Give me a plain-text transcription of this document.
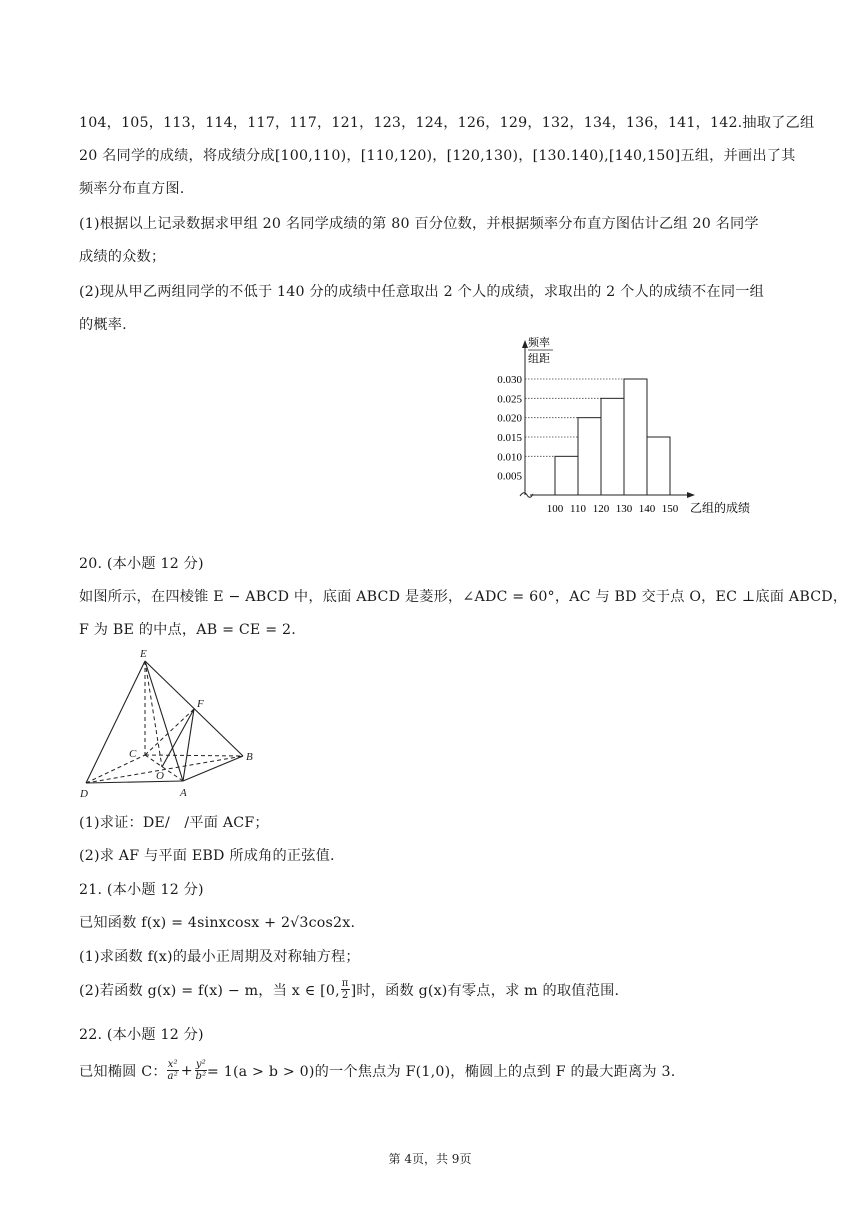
104，105，113，114，117，117，121，123，124，126，129，132，134，136，141，142.抽取了乙组
20 名同学的成绩，将成绩分成[100,110)，[110,120)，[120,130)，[130.140),[140,150]五组，并画出了其
频率分布直方图.
(1)根据以上记录数据求甲组 20 名同学成绩的第 80 百分位数，并根据频率分布直方图估计乙组 20 名同学
成绩的众数；
(2)现从甲乙两组同学的不低于 140 分的成绩中任意取出 2 个人的成绩，求取出的 2 个人的成绩不在同一组
的概率.
频率
组距
乙组的成绩
0.030
0.025
0.020
0.015
0.010
0.005
100 110 120 130 140 150
20. (本小题 12 分)
如图所示，在四棱锥 E − ABCD 中，底面 ABCD 是菱形，∠ADC = 60°，AC 与 BD 交于点 O，EC ⊥底面 ABCD，
F 为 BE 的中点，AB = CE = 2.
E
F
C	B
O
D	A
(1)求证：DE/　/平面 ACF；
(2)求 AF 与平面 EBD 所成角的正弦值.
21. (本小题 12 分)
已知函数 f(x) = 4sinxcosx + 2√3cos2x.
(1)求函数 f(x)的最小正周期及对称轴方程；
(2)若函数 g(x) = f(x) − m，当 x ∈ [0, $\frac{\pi}{2}$ ]时，函数 g(x)有零点，求 m 的取值范围.
22. (本小题 12 分)
已知椭圆 C： $\frac{\text{x²}}{\text{a²}} + \frac{\text{y²}}{\text{b²}} = 1(a > b > 0)$的一个焦点为 F(1,0)，椭圆上的点到 F 的最大距离为 3.
第 4页，共 9页
